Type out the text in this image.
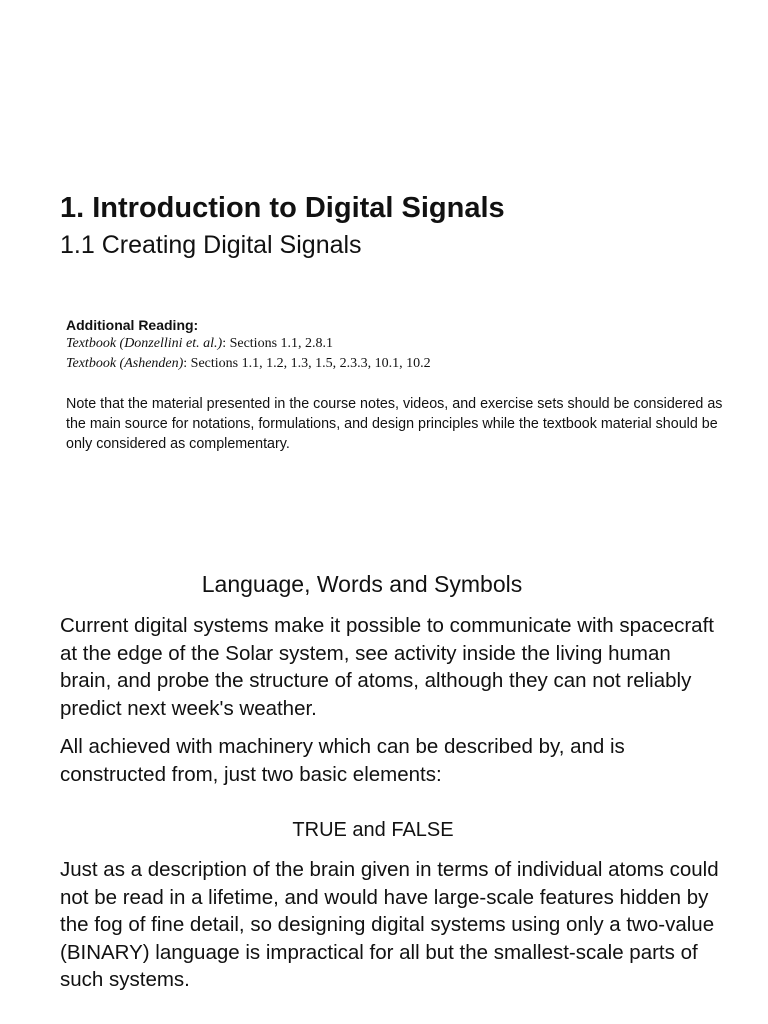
1. Introduction to Digital Signals
1.1 Creating Digital Signals
Additional Reading:
Textbook (Donzellini et. al.): Sections 1.1, 2.8.1
Textbook (Ashenden): Sections 1.1, 1.2, 1.3, 1.5, 2.3.3, 10.1, 10.2

Note that the material presented in the course notes, videos, and exercise sets should be considered as the main source for notations, formulations, and design principles while the textbook material should be only considered as complementary.

Language, Words and Symbols

Current digital systems make it possible to communicate with spacecraft at the edge of the Solar system, see activity inside the living human brain, and probe the structure of atoms, although they can not reliably predict next week's weather.

All achieved with machinery which can be described by, and is constructed from, just two basic elements:

TRUE and FALSE

Just as a description of the brain given in terms of individual atoms could not be read in a lifetime, and would have large-scale features hidden by the fog of fine detail, so designing digital systems using only a two-value (BINARY) language is impractical for all but the smallest-scale parts of such systems.
